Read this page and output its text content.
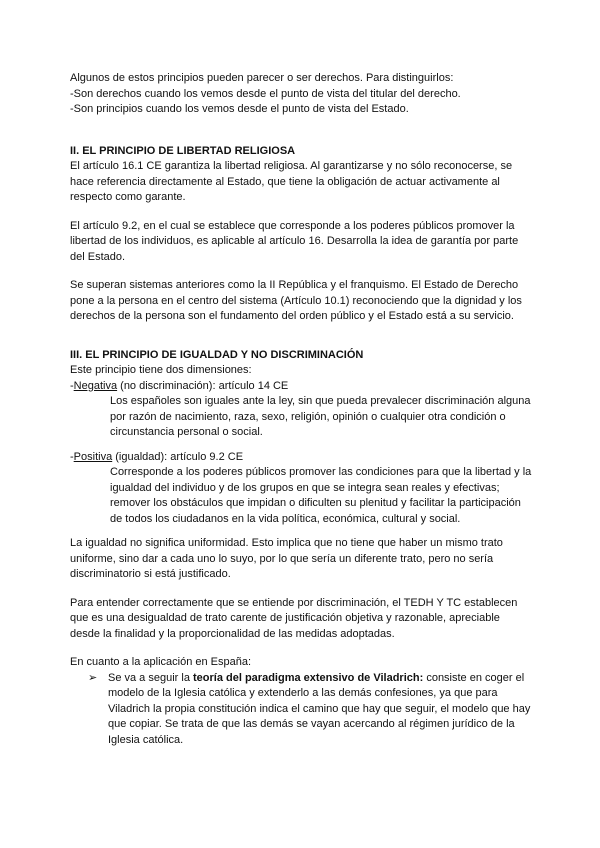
Algunos de estos principios pueden parecer o ser derechos. Para distinguirlos:
-Son derechos cuando los vemos desde el punto de vista del titular del derecho.
-Son principios cuando los vemos desde el punto de vista del Estado.

II. EL PRINCIPIO DE LIBERTAD RELIGIOSA

El artículo 16.1 CE garantiza la libertad religiosa. Al garantizarse y no sólo reconocerse, se hace referencia directamente al Estado, que tiene la obligación de actuar activamente al respecto como garante.

El artículo 9.2, en el cual se establece que corresponde a los poderes públicos promover la libertad de los individuos, es aplicable al artículo 16. Desarrolla la idea de garantía por parte del Estado.

Se superan sistemas anteriores como la II República y el franquismo. El Estado de Derecho pone a la persona en el centro del sistema (Artículo 10.1) reconociendo que la dignidad y los derechos de la persona son el fundamento del orden público y el Estado está a su servicio.

III. EL PRINCIPIO DE IGUALDAD Y NO DISCRIMINACIÓN

Este principio tiene dos dimensiones:

-Negativa (no discriminación): artículo 14 CE

Los españoles son iguales ante la ley, sin que pueda prevalecer discriminación alguna por razón de nacimiento, raza, sexo, religión, opinión o cualquier otra condición o circunstancia personal o social.

-Positiva (igualdad): artículo 9.2 CE

Corresponde a los poderes públicos promover las condiciones para que la libertad y la igualdad del individuo y de los grupos en que se integra sean reales y efectivas; remover los obstáculos que impidan o dificulten su plenitud y facilitar la participación de todos los ciudadanos en la vida política, económica, cultural y social.

La igualdad no significa uniformidad. Esto implica que no tiene que haber un mismo trato uniforme, sino dar a cada uno lo suyo, por lo que sería un diferente trato, pero no sería discriminatorio si está justificado.

Para entender correctamente que se entiende por discriminación, el TEDH Y TC establecen que es una desigualdad de trato carente de justificación objetiva y razonable, apreciable desde la finalidad y la proporcionalidad de las medidas adoptadas.

En cuanto a la aplicación en España:

➢ Se va a seguir la teoría del paradigma extensivo de Viladrich: consiste en coger el modelo de la Iglesia católica y extenderlo a las demás confesiones, ya que para Viladrich la propia constitución indica el camino que hay que seguir, el modelo que hay que copiar. Se trata de que las demás se vayan acercando al régimen jurídico de la Iglesia católica.
